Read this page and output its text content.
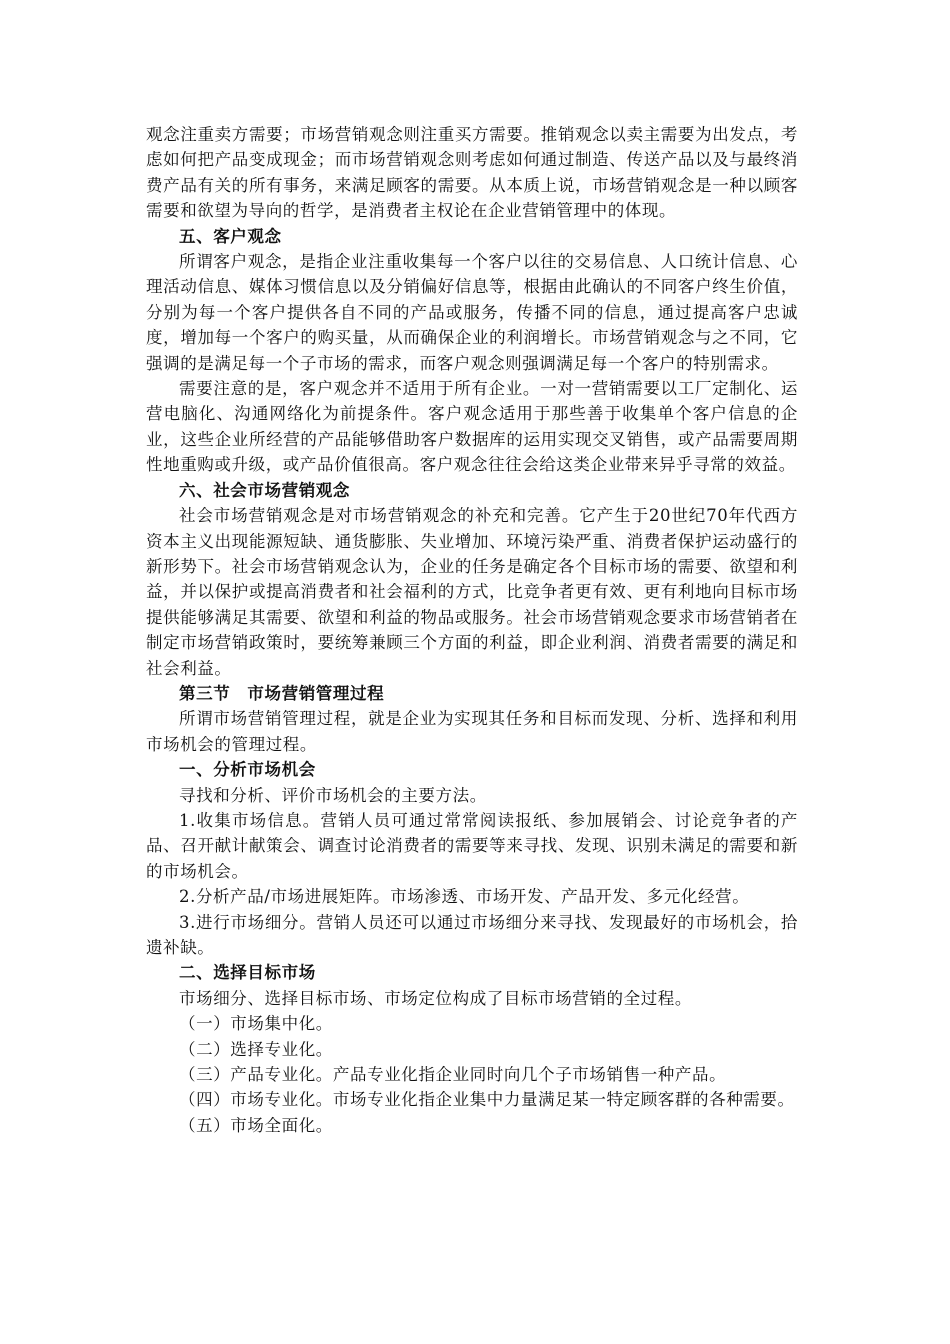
观念注重卖方需要；市场营销观念则注重买方需要。推销观念以卖主需要为出发点，考虑如何把产品变成现金；而市场营销观念则考虑如何通过制造、传送产品以及与最终消费产品有关的所有事务，来满足顾客的需要。从本质上说，市场营销观念是一种以顾客需要和欲望为导向的哲学，是消费者主权论在企业营销管理中的体现。

五、客户观念

所谓客户观念，是指企业注重收集每一个客户以往的交易信息、人口统计信息、心理活动信息、媒体习惯信息以及分销偏好信息等，根据由此确认的不同客户终生价值，分别为每一个客户提供各自不同的产品或服务，传播不同的信息，通过提高客户忠诚度，增加每一个客户的购买量，从而确保企业的利润增长。市场营销观念与之不同，它强调的是满足每一个子市场的需求，而客户观念则强调满足每一个客户的特别需求。

需要注意的是，客户观念并不适用于所有企业。一对一营销需要以工厂定制化、运营电脑化、沟通网络化为前提条件。客户观念适用于那些善于收集单个客户信息的企业，这些企业所经营的产品能够借助客户数据库的运用实现交叉销售，或产品需要周期性地重购或升级，或产品价值很高。客户观念往往会给这类企业带来异乎寻常的效益。

六、社会市场营销观念

社会市场营销观念是对市场营销观念的补充和完善。它产生于20世纪70年代西方资本主义出现能源短缺、通货膨胀、失业增加、环境污染严重、消费者保护运动盛行的新形势下。社会市场营销观念认为，企业的任务是确定各个目标市场的需要、欲望和利益，并以保护或提高消费者和社会福利的方式，比竞争者更有效、更有利地向目标市场提供能够满足其需要、欲望和利益的物品或服务。社会市场营销观念要求市场营销者在制定市场营销政策时，要统筹兼顾三个方面的利益，即企业利润、消费者需要的满足和社会利益。

第三节　市场营销管理过程

所谓市场营销管理过程，就是企业为实现其任务和目标而发现、分析、选择和利用市场机会的管理过程。

一、分析市场机会

寻找和分析、评价市场机会的主要方法。

1.收集市场信息。营销人员可通过常常阅读报纸、参加展销会、讨论竞争者的产品、召开献计献策会、调查讨论消费者的需要等来寻找、发现、识别未满足的需要和新的市场机会。

2.分析产品/市场进展矩阵。市场渗透、市场开发、产品开发、多元化经营。

3.进行市场细分。营销人员还可以通过市场细分来寻找、发现最好的市场机会，拾遗补缺。

二、选择目标市场

市场细分、选择目标市场、市场定位构成了目标市场营销的全过程。

（一）市场集中化。

（二）选择专业化。

（三）产品专业化。产品专业化指企业同时向几个子市场销售一种产品。

（四）市场专业化。市场专业化指企业集中力量满足某一特定顾客群的各种需要。

（五）市场全面化。
